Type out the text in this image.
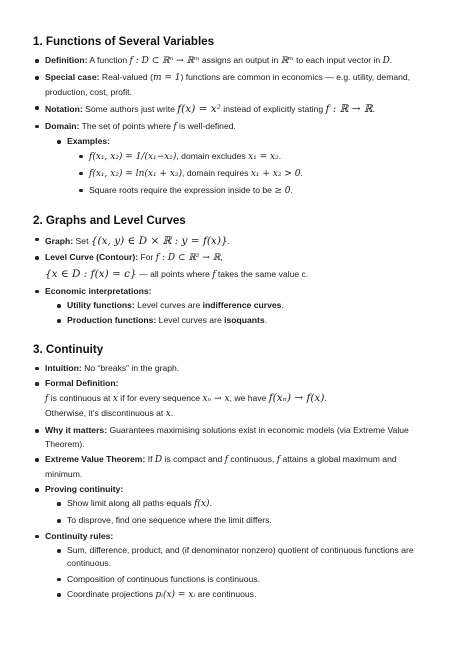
1. Functions of Several Variables
Definition: A function f : D ⊂ ℝⁿ → ℝᵐ assigns an output in ℝᵐ to each input vector in D.
Special case: Real-valued (m = 1) functions are common in economics — e.g. utility, demand, production, cost, profit.
Notation: Some authors just write f(x) = x² instead of explicitly stating f : ℝ → ℝ.
Domain: The set of points where f is well-defined.
Examples:
f(x₁, x₂) = 1/(x₁−x₂), domain excludes x₁ = x₂.
f(x₁, x₂) = ln(x₁ + x₂), domain requires x₁ + x₂ > 0.
Square roots require the expression inside to be ≥ 0.
2. Graphs and Level Curves
Graph: Set {(x, y) ∈ D × ℝ : y = f(x)}.
Level Curve (Contour): For f : D ⊂ ℝ² → ℝ,
{x ∈ D : f(x) = c} — all points where f takes the same value c.
Economic interpretations:
Utility functions: Level curves are indifference curves.
Production functions: Level curves are isoquants.
3. Continuity
Intuition: No “breaks” in the graph.
Formal Definition:
f is continuous at x if for every sequence xₙ → x, we have f(xₙ) → f(x).
Otherwise, it’s discontinuous at x.
Why it matters: Guarantees maximising solutions exist in economic models (via Extreme Value Theorem).
Extreme Value Theorem: If D is compact and f continuous, f attains a global maximum and minimum.
Proving continuity:
Show limit along all paths equals f(x).
To disprove, find one sequence where the limit differs.
Continuity rules:
Sum, difference, product, and (if denominator nonzero) quotient of continuous functions are continuous.
Composition of continuous functions is continuous.
Coordinate projections pᵢ(x) = xᵢ are continuous.
